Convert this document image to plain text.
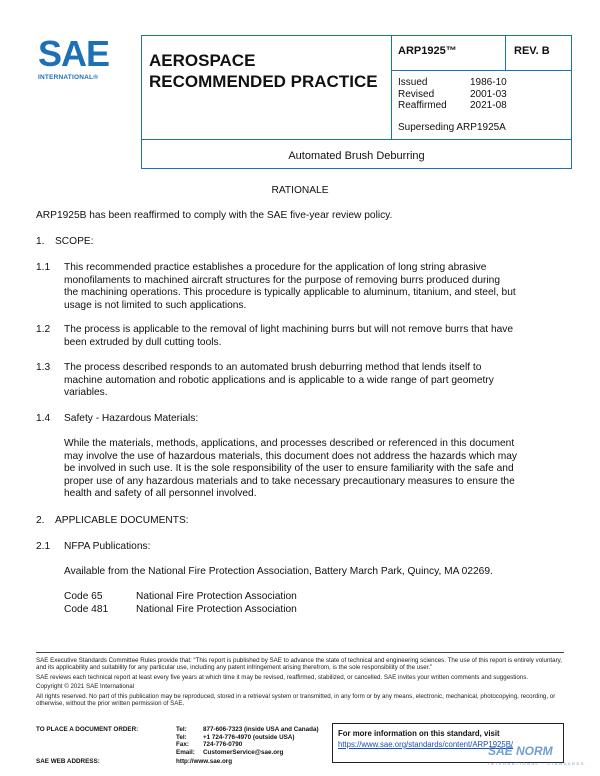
SAE
INTERNATIONAL®
AEROSPACE
RECOMMENDED PRACTICE
ARP1925™	REV. B
Issued	1986-10
Revised	2001-03
Reaffirmed	2021-08
Superseding ARP1925A
Automated Brush Deburring
RATIONALE
ARP1925B has been reaffirmed to comply with the SAE five-year review policy.
1. SCOPE:
1.1 This recommended practice establishes a procedure for the application of long string abrasive
monofilaments to machined aircraft structures for the purpose of removing burrs produced during
the machining operations. This procedure is typically applicable to aluminum, titanium, and steel, but
usage is not limited to such applications.
1.2 The process is applicable to the removal of light machining burrs but will not remove burrs that have
been extruded by dull cutting tools.
1.3 The process described responds to an automated brush deburring method that lends itself to
machine automation and robotic applications and is applicable to a wide range of part geometry
variables.
1.4 Safety - Hazardous Materials:
While the materials, methods, applications, and processes described or referenced in this document
may involve the use of hazardous materials, this document does not address the hazards which may
be involved in such use. It is the sole responsibility of the user to ensure familiarity with the safe and
proper use of any hazardous materials and to take necessary precautionary measures to ensure the
health and safety of all personnel involved.
2. APPLICABLE DOCUMENTS:
2.1 NFPA Publications:
Available from the National Fire Protection Association, Battery March Park, Quincy, MA 02269.
Code 65	National Fire Protection Association
Code 481	National Fire Protection Association
SAE Executive Standards Committee Rules provide that: “This report is published by SAE to advance the state of technical and engineering sciences. The use of this report is entirely voluntary, and its applicability and suitability for any particular use, including any patent infringement arising therefrom, is the sole responsibility of the user.”
SAE reviews each technical report at least every five years at which time it may be revised, reaffirmed, stabilized, or cancelled. SAE invites your written comments and suggestions.
Copyright © 2021 SAE International
All rights reserved. No part of this publication may be reproduced, stored in a retrieval system or transmitted, in any form or by any means, electronic, mechanical, photocopying, recording, or otherwise, without the prior written permission of SAE.
TO PLACE A DOCUMENT ORDER:	Tel:	877-606-7323 (inside USA and Canada)
Tel:	+1 724-776-4970 (outside USA)
Fax:	724-776-0790
Email:	CustomerService@sae.org
SAE WEB ADDRESS:	http://www.sae.org
For more information on this standard, visit
https://www.sae.org/standards/content/ARP1925B/
SAE NORM
INTERNATIONAL · STANDARDS
